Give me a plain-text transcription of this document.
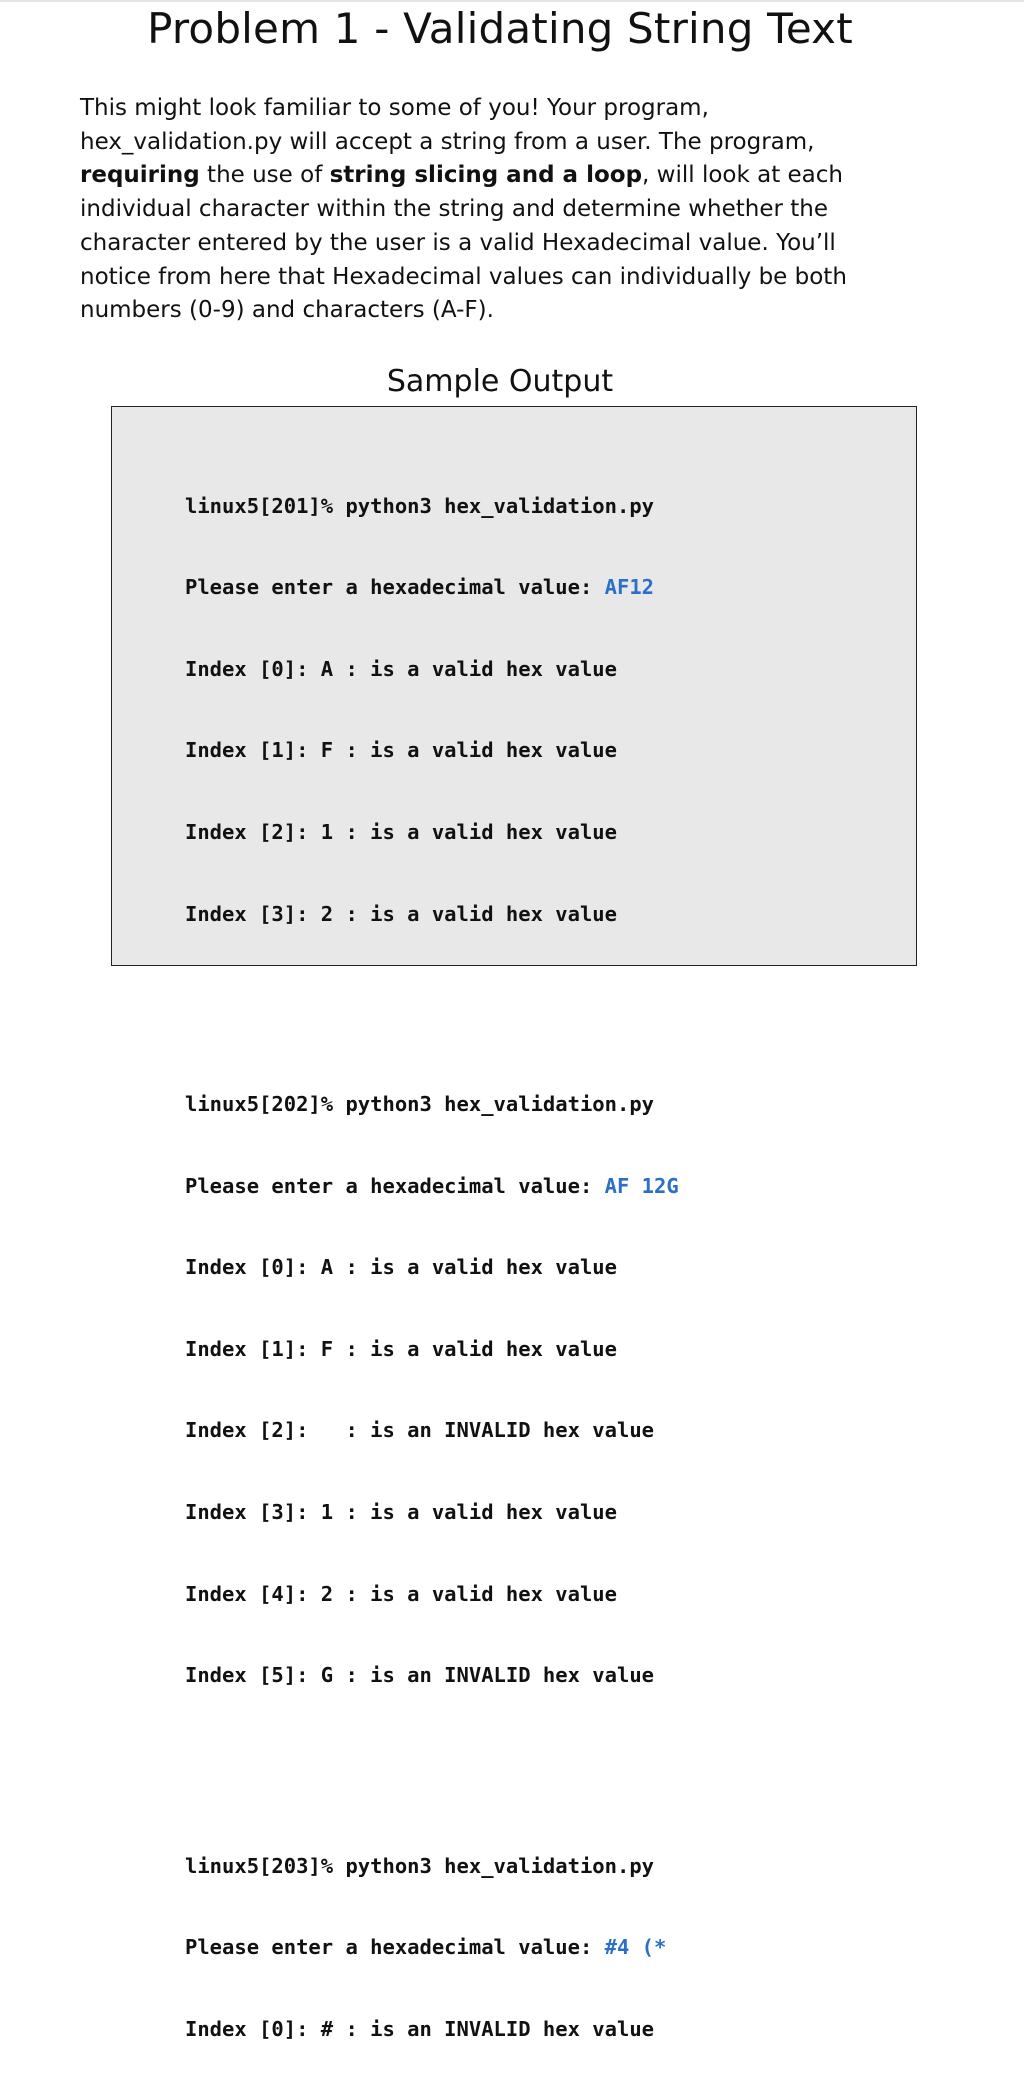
Problem 1 - Validating String Text
This might look familiar to some of you! Your program,
hex_validation.py will accept a string from a user. The program,
requiring the use of string slicing and a loop, will look at each
individual character within the string and determine whether the
character entered by the user is a valid Hexadecimal value. You’ll
notice from here that Hexadecimal values can individually be both
numbers (0-9) and characters (A-F).
Sample Output

linux5[201]% python3 hex_validation.py

Please enter a hexadecimal value: AF12

Index [0]: A : is a valid hex value

Index [1]: F : is a valid hex value

Index [2]: 1 : is a valid hex value

Index [3]: 2 : is a valid hex value

linux5[202]% python3 hex_validation.py

Please enter a hexadecimal value: AF 12G

Index [0]: A : is a valid hex value

Index [1]: F : is a valid hex value

Index [2]:   : is an INVALID hex value

Index [3]: 1 : is a valid hex value

Index [4]: 2 : is a valid hex value

Index [5]: G : is an INVALID hex value

linux5[203]% python3 hex_validation.py

Please enter a hexadecimal value: #4 (*

Index [0]: # : is an INVALID hex value
